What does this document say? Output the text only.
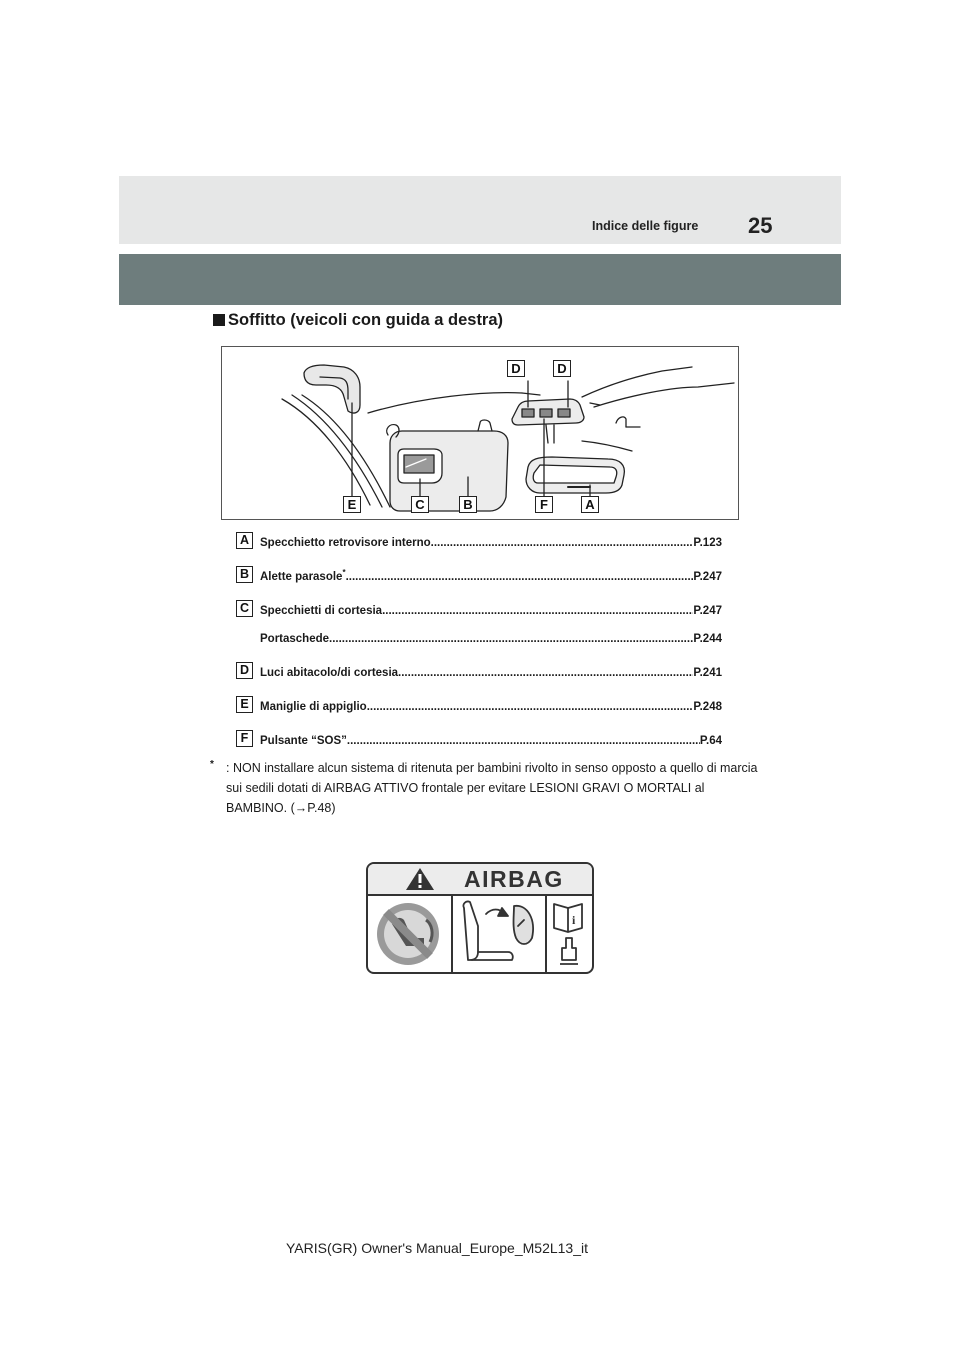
Indice delle figure 25
Soffitto (veicoli con guida a destra)
D	D
E	C	B	F	A
A Specchietto retrovisore interno .....	P.123
B Alette parasole* .....	P.247
C Specchietti di cortesia .....	P.247
Portaschede .....	P.244
D Luci abitacolo/di cortesia .....	P.241
E Maniglie di appiglio .....	P.248
F	Pulsante “SOS” .....	P.64
* : NON installare alcun sistema di ritenuta per bambini rivolto in senso opposto a quello di marcia sui sedili dotati di AIRBAG ATTIVO frontale per evitare LESIONI GRAVI O MORTALI al BAMBINO. (→P.48)
AIRBAG
i
YARIS(GR) Owner's Manual_Europe_M52L13_it
